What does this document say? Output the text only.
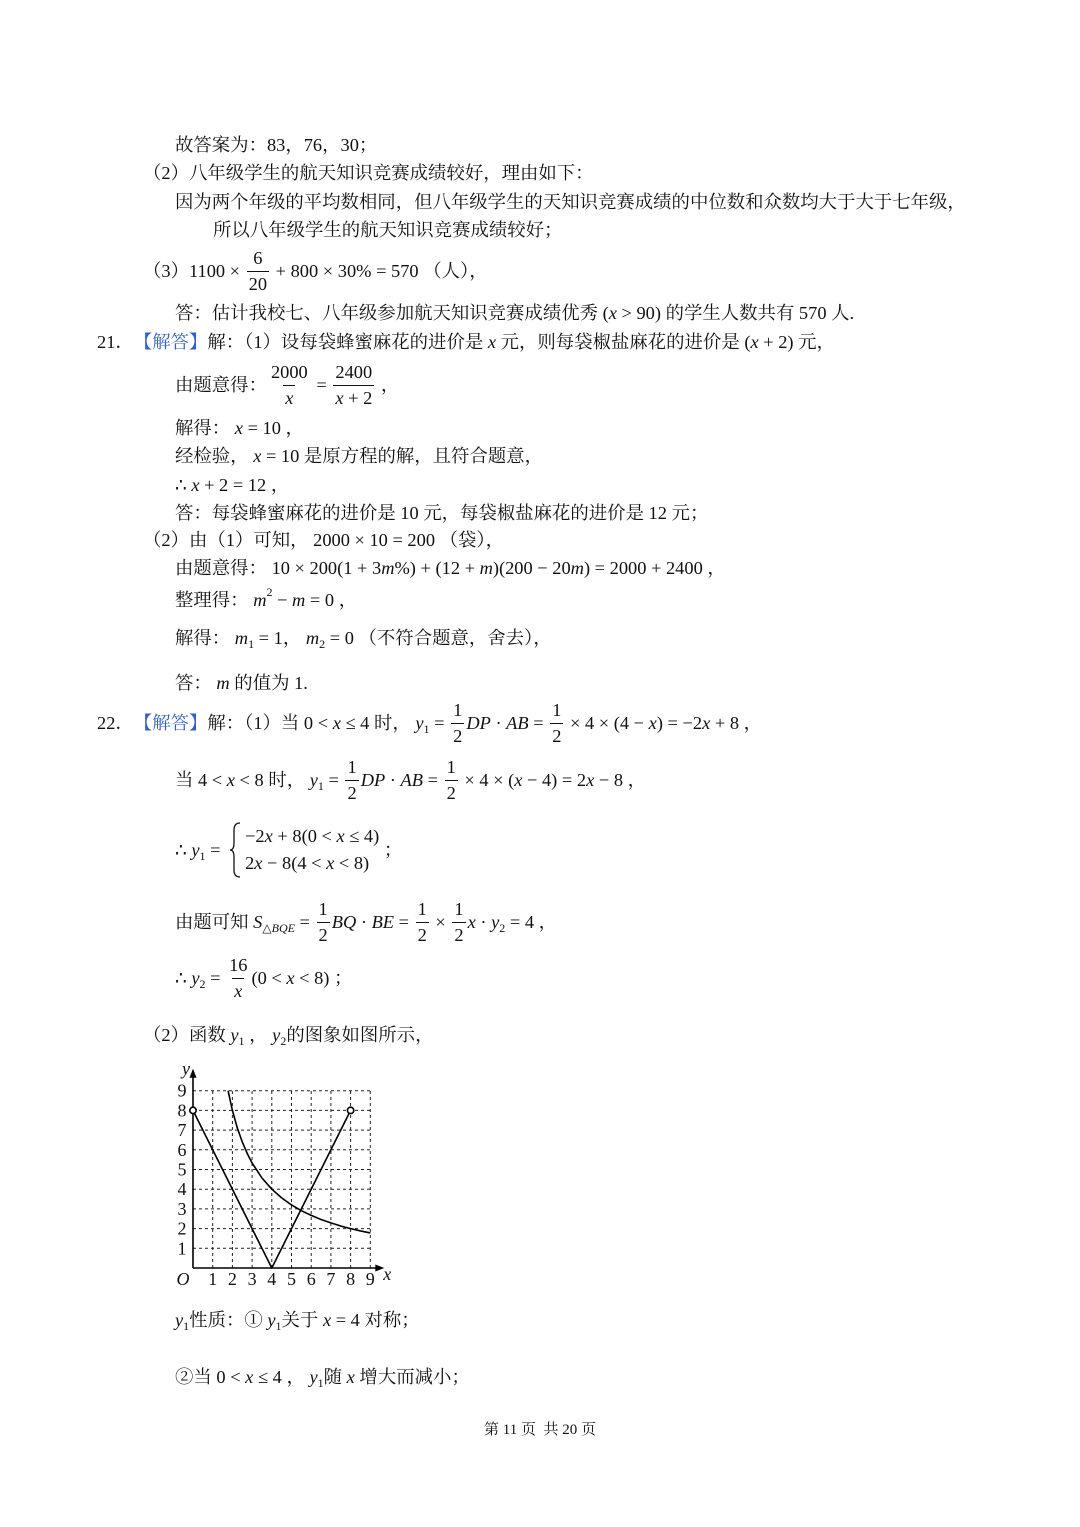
故答案为：83，76，30；
（2）八年级学生的航天知识竞赛成绩较好，理由如下：
因为两个年级的平均数相同，但八年级学生的天知识竞赛成绩的中位数和众数均大于大于七年级，
所以八年级学生的航天知识竞赛成绩较好；
（3） $1100 \times \frac{6}{20} + 800 \times 30\% = 570$ （人），
答：估计我校七、八年级参加航天知识竞赛成绩优秀 (x > 90) 的学生人数共有 570 人.
21． 【解答】 解：（1）设每袋蜂蜜麻花的进价是 x 元，则每袋椒盐麻花的进价是 (x + 2) 元，
由题意得： $\frac{2000}{x} = \frac{2400}{x + 2}$ ，
解得： x = 10 ，
经检验， x = 10 是原方程的解，且符合题意，
∴ x + 2 = 12 ，
答：每袋蜂蜜麻花的进价是 10 元，每袋椒盐麻花的进价是 12 元；
（2）由（1）可知， 2000 × 10 = 200 （袋），
由题意得： 10 × 200(1 + 3m%) + (12 + m)(200 − 20m) = 2000 + 2400 ，
整理得： m 2 − m = 0 ，
解得： m 1 = 1 ， m 2 = 0 （不符合题意，舍去），
答： m 的值为 1.
22． 【解答】 解：（1）当 0 < x ≤ 4 时， y $1 = \frac{1}{2}$ DP · AB = $\frac{1}{2} \times 4 \times (4 - x) = -2x + 8$ ，
当 4 < x < 8 时， y $1 = \frac{1}{2}$ DP · AB = $\frac{1}{2} \times 4 \times (x - 4) = 2x - 8$ ，
∴ y 1 =
−2x + 8(0 < x ≤ 4)
2x − 8(4 < x < 8)
；
由题可知 S △BQE = $\frac{1}{2}$ BQ · BE = $\frac{1}{2} \times \frac{1}{2}$ x · y 2 = 4 ，
∴ y $2 = \frac{16}{x} (0 < x < 8)$ ；
（2）函数 y 1 ， y 2 的图象如图所示，
1 2 3 4 5 6 7 8 9
1
2
3
4
5
6
7
8
9
O	x
y
y 1 性质：① y 1 关于 x = 4 对称；
②当 0 < x ≤ 4 ， y 1 随 x 增大而减小；
第 11 页  共 20 页
